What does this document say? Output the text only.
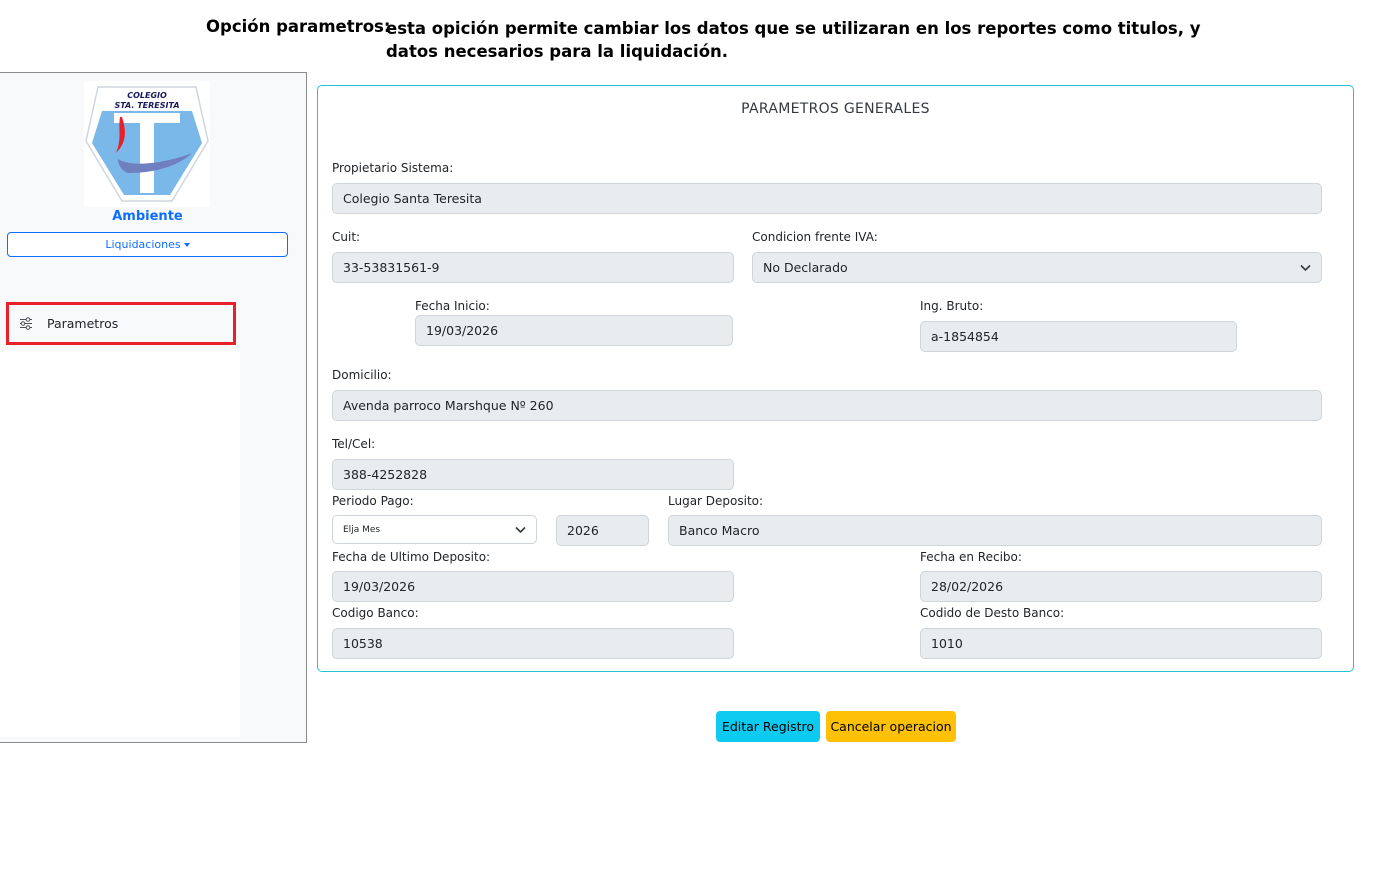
Opción parametros:
esta opición permite cambiar los datos que se utilizaran en los reportes como titulos, y datos necesarios para la liquidación.
COLEGIO
STA. TERESITA
Ambiente
Liquidaciones
Parametros
PARAMETROS GENERALES
Propietario Sistema:
Colegio Santa Teresita
Cuit:
33-53831561-9
Condicion frente IVA:
No Declarado
Fecha Inicio:
19/03/2026
Ing. Bruto:
a-1854854
Domicilio:
Avenda parroco Marshque Nº 260
Tel/Cel:
388-4252828
Periodo Pago:
Elja Mes	2026
Lugar Deposito:
Banco Macro
Fecha de Ultimo Deposito:
19/03/2026
Fecha en Recibo:
28/02/2026
Codigo Banco:
10538
Codido de Desto Banco:
1010
Editar Registro	Cancelar operacion
